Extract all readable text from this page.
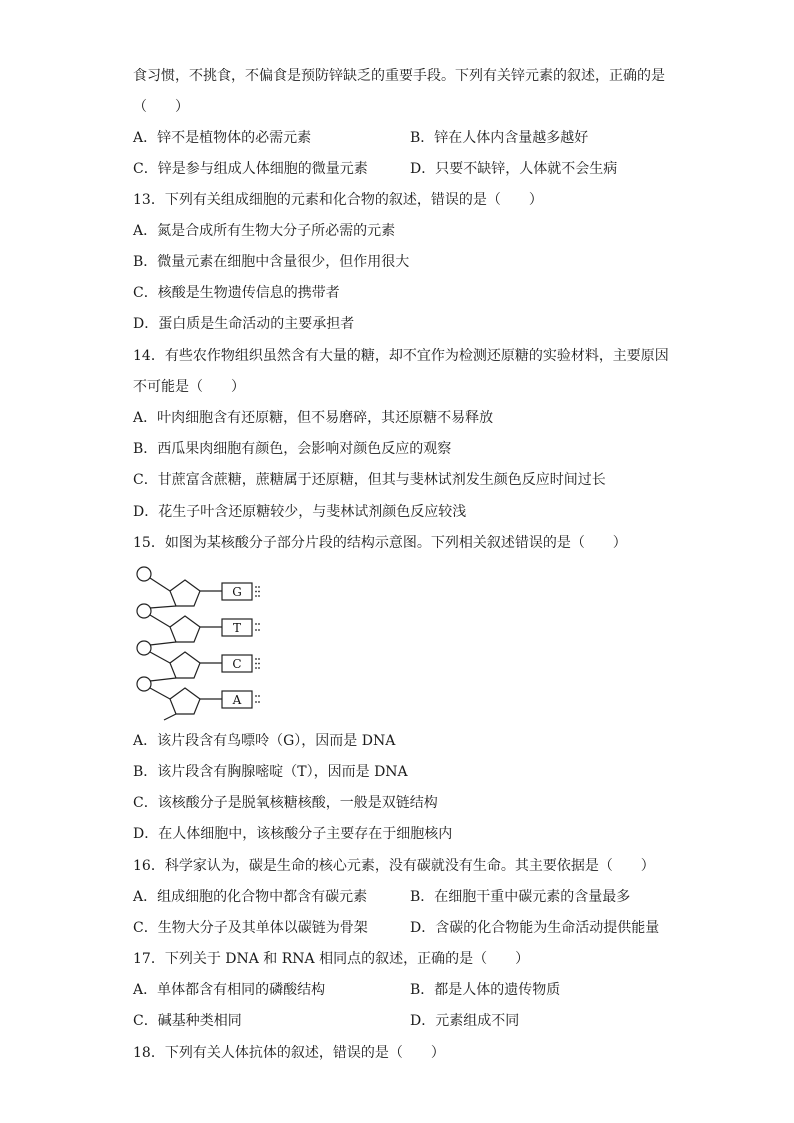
食习惯，不挑食，不偏食是预防锌缺乏的重要手段。下列有关锌元素的叙述，正确的是
（　　）
A．锌不是植物体的必需元素	B．锌在人体内含量越多越好
C．锌是参与组成人体细胞的微量元素	D．只要不缺锌，人体就不会生病
13．下列有关组成细胞的元素和化合物的叙述，错误的是（　　）
A．氮是合成所有生物大分子所必需的元素
B．微量元素在细胞中含量很少，但作用很大
C．核酸是生物遗传信息的携带者
D．蛋白质是生命活动的主要承担者
14．有些农作物组织虽然含有大量的糖，却不宜作为检测还原糖的实验材料，主要原因
不可能是（　　）
A．叶肉细胞含有还原糖，但不易磨碎，其还原糖不易释放
B．西瓜果肉细胞有颜色，会影响对颜色反应的观察
C．甘蔗富含蔗糖，蔗糖属于还原糖，但其与斐林试剂发生颜色反应时间过长
D．花生子叶含还原糖较少，与斐林试剂颜色反应较浅
15．如图为某核酸分子部分片段的结构示意图。下列相关叙述错误的是（　　）
G
T
C
A
A．该片段含有鸟嘌呤（G），因而是 DNA
B．该片段含有胸腺嘧啶（T），因而是 DNA
C．该核酸分子是脱氧核糖核酸，一般是双链结构
D．在人体细胞中，该核酸分子主要存在于细胞核内
16．科学家认为，碳是生命的核心元素，没有碳就没有生命。其主要依据是（　　）
A．组成细胞的化合物中都含有碳元素	B．在细胞干重中碳元素的含量最多
C．生物大分子及其单体以碳链为骨架	D．含碳的化合物能为生命活动提供能量
17．下列关于 DNA 和 RNA 相同点的叙述，正确的是（　　）
A．单体都含有相同的磷酸结构	B．都是人体的遗传物质
C．碱基种类相同	D．元素组成不同
18．下列有关人体抗体的叙述，错误的是（　　）
